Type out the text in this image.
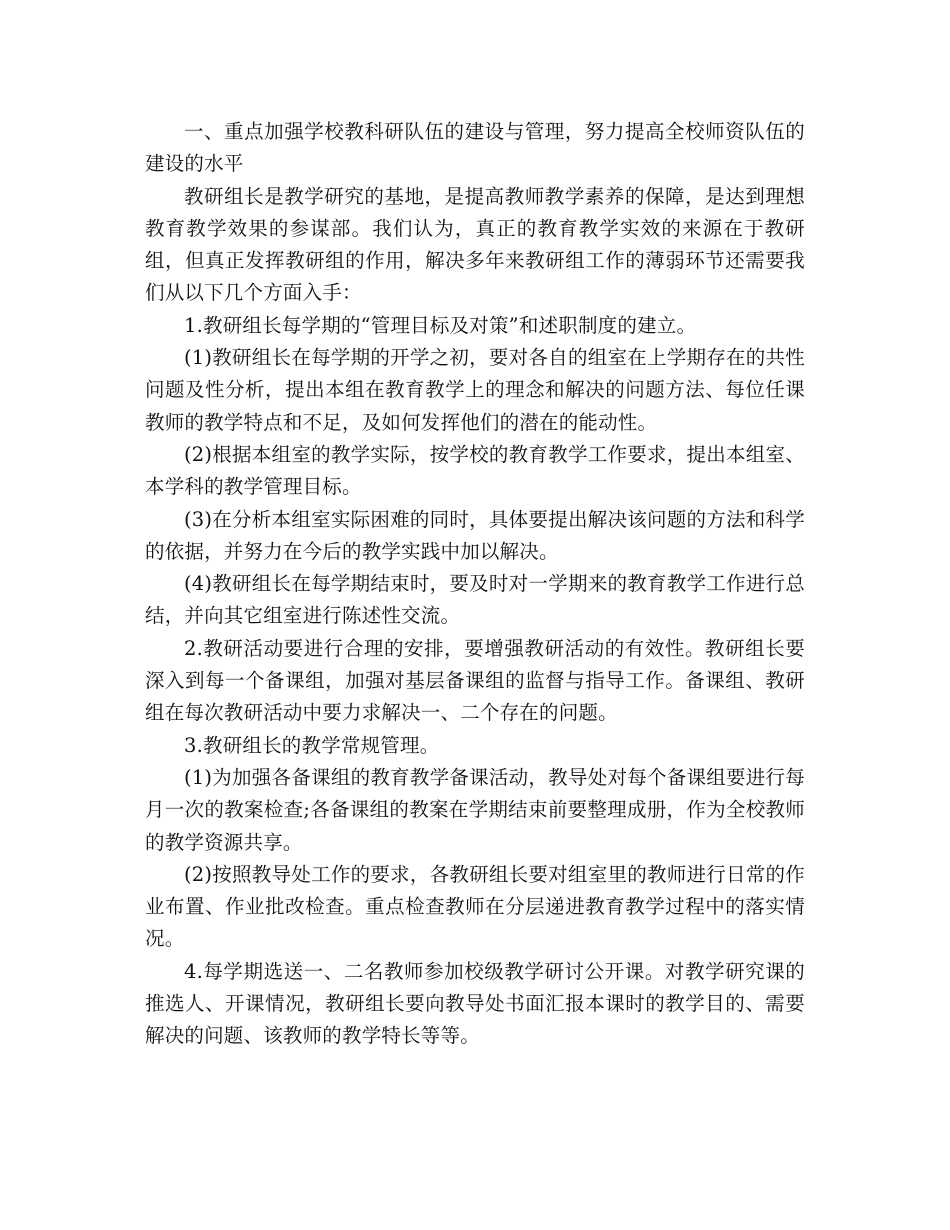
一、重点加强学校教科研队伍的建设与管理，努力提高全校师资队伍的建设的水平

教研组长是教学研究的基地，是提高教师教学素养的保障，是达到理想教育教学效果的参谋部。我们认为，真正的教育教学实效的来源在于教研组，但真正发挥教研组的作用，解决多年来教研组工作的薄弱环节还需要我们从以下几个方面入手：

1.教研组长每学期的“管理目标及对策”和述职制度的建立。

(1)教研组长在每学期的开学之初，要对各自的组室在上学期存在的共性问题及性分析，提出本组在教育教学上的理念和解决的问题方法、每位任课教师的教学特点和不足，及如何发挥他们的潜在的能动性。

(2)根据本组室的教学实际，按学校的教育教学工作要求，提出本组室、本学科的教学管理目标。

(3)在分析本组室实际困难的同时，具体要提出解决该问题的方法和科学的依据，并努力在今后的教学实践中加以解决。

(4)教研组长在每学期结束时，要及时对一学期来的教育教学工作进行总结，并向其它组室进行陈述性交流。

2.教研活动要进行合理的安排，要增强教研活动的有效性。教研组长要深入到每一个备课组，加强对基层备课组的监督与指导工作。备课组、教研组在每次教研活动中要力求解决一、二个存在的问题。

3.教研组长的教学常规管理。

(1)为加强各备课组的教育教学备课活动，教导处对每个备课组要进行每月一次的教案检查;各备课组的教案在学期结束前要整理成册，作为全校教师的教学资源共享。

(2)按照教导处工作的要求，各教研组长要对组室里的教师进行日常的作业布置、作业批改检查。重点检查教师在分层递进教育教学过程中的落实情况。

4.每学期选送一、二名教师参加校级教学研讨公开课。对教学研究课的推选人、开课情况，教研组长要向教导处书面汇报本课时的教学目的、需要解决的问题、该教师的教学特长等等。
